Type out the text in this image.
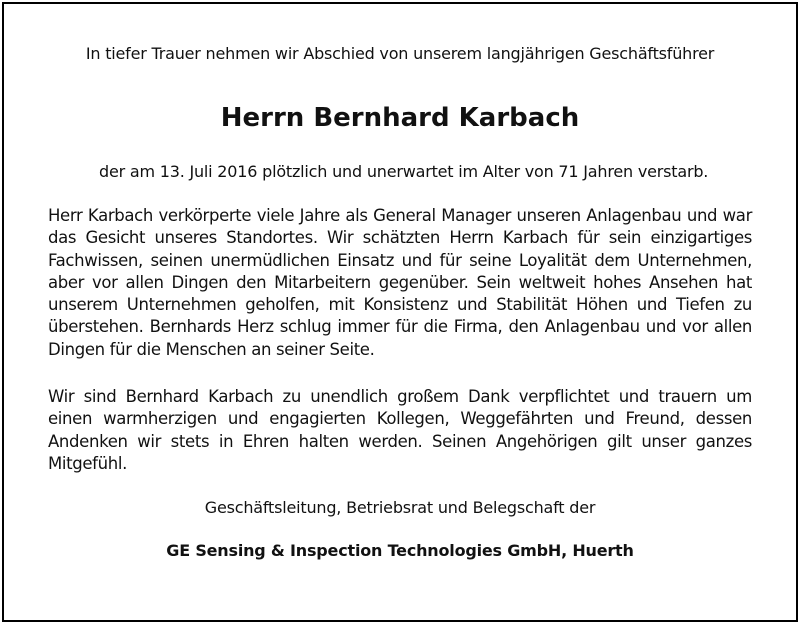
In tiefer Trauer nehmen wir Abschied von unserem langjährigen Geschäftsführer
Herrn Bernhard Karbach
der am 13. Juli 2016 plötzlich und unerwartet im Alter von 71 Jahren verstarb.
Herr Karbach verkörperte viele Jahre als General Manager unseren Anlagenbau und war das Gesicht unseres Standortes. Wir schätzten Herrn Karbach für sein einzigartiges Fachwissen, seinen unermüdlichen Einsatz und für seine Loyalität dem Unternehmen, aber vor allen Dingen den Mitarbeitern gegenüber. Sein weltweit hohes Ansehen hat unserem Unternehmen geholfen, mit Konsistenz und Stabilität Höhen und Tiefen zu überstehen. Bernhards Herz schlug immer für die Firma, den Anlagenbau und vor allen Dingen für die Menschen an seiner Seite.
Wir sind Bernhard Karbach zu unendlich großem Dank verpflichtet und trauern um einen warmherzigen und engagierten Kollegen, Weggefährten und Freund, dessen Andenken wir stets in Ehren halten werden. Seinen Angehörigen gilt unser ganzes Mitgefühl.
Geschäftsleitung, Betriebsrat und Belegschaft der
GE Sensing & Inspection Technologies GmbH, Huerth
